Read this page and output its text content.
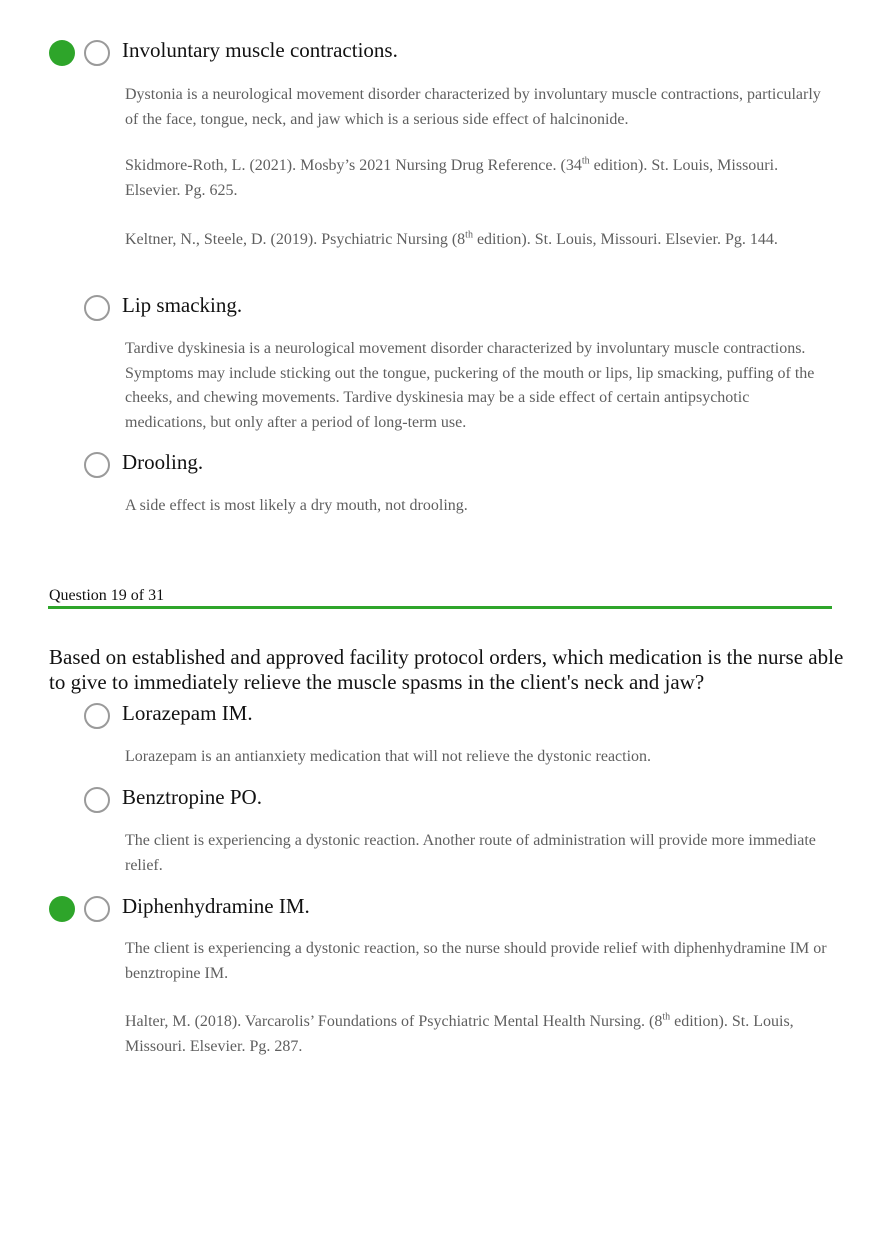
Involuntary muscle contractions.
Dystonia is a neurological movement disorder characterized by involuntary muscle contractions, particularly of the face, tongue, neck, and jaw which is a serious side effect of halcinonide.
Skidmore-Roth, L. (2021). Mosby’s 2021 Nursing Drug Reference. (34th edition). St. Louis, Missouri. Elsevier. Pg. 625.
Keltner, N., Steele, D. (2019). Psychiatric Nursing (8th edition). St. Louis, Missouri. Elsevier. Pg. 144.
Lip smacking.
Tardive dyskinesia is a neurological movement disorder characterized by involuntary muscle contractions. Symptoms may include sticking out the tongue, puckering of the mouth or lips, lip smacking, puffing of the cheeks, and chewing movements. Tardive dyskinesia may be a side effect of certain antipsychotic medications, but only after a period of long-term use.
Drooling.
A side effect is most likely a dry mouth, not drooling.
Question 19 of 31
Based on established and approved facility protocol orders, which medication is the nurse able to give to immediately relieve the muscle spasms in the client's neck and jaw?
Lorazepam IM.
Lorazepam is an antianxiety medication that will not relieve the dystonic reaction.
Benztropine PO.
The client is experiencing a dystonic reaction. Another route of administration will provide more immediate relief.
Diphenhydramine IM.
The client is experiencing a dystonic reaction, so the nurse should provide relief with diphenhydramine IM or benztropine IM.
Halter, M. (2018). Varcarolis’ Foundations of Psychiatric Mental Health Nursing. (8th edition). St. Louis, Missouri. Elsevier. Pg. 287.
